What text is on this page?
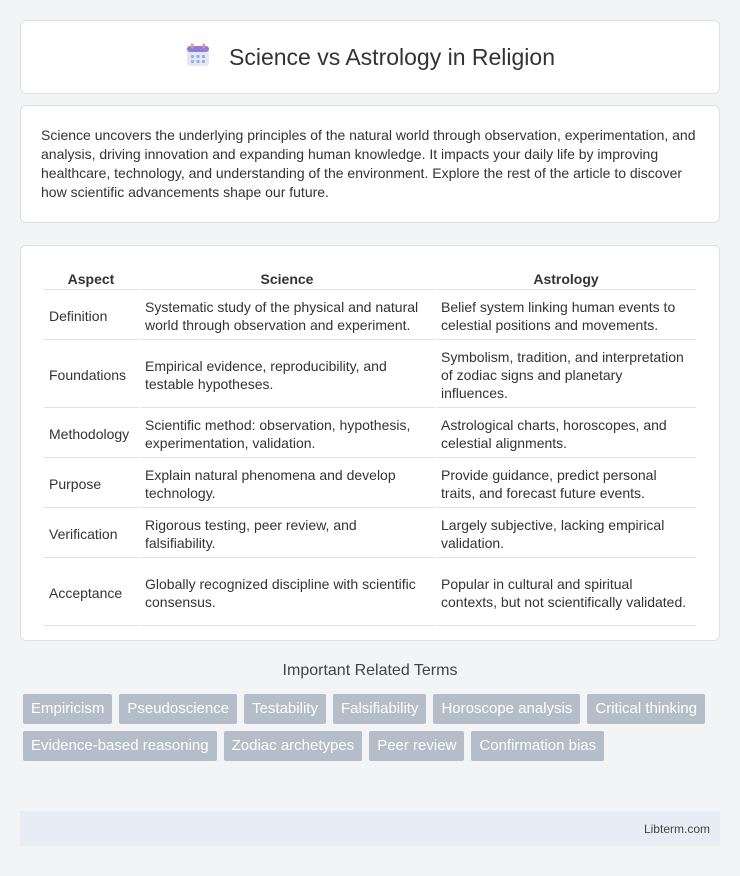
Science vs Astrology in Religion

Science uncovers the underlying principles of the natural world through observation, experimentation, and analysis, driving innovation and expanding human knowledge. It impacts your daily life by improving healthcare, technology, and understanding of the environment. Explore the rest of the article to discover how scientific advancements shape our future.

Aspect	Science	Astrology
Definition	Systematic study of the physical and natural world through observation and experiment.	Belief system linking human events to celestial positions and movements.
Foundations	Empirical evidence, reproducibility, and testable hypotheses.	Symbolism, tradition, and interpretation of zodiac signs and planetary influences.
Methodology	Scientific method: observation, hypothesis, experimentation, validation.	Astrological charts, horoscopes, and celestial alignments.
Purpose	Explain natural phenomena and develop technology.	Provide guidance, predict personal traits, and forecast future events.
Verification	Rigorous testing, peer review, and falsifiability.	Largely subjective, lacking empirical validation.
Acceptance	Globally recognized discipline with scientific consensus.	Popular in cultural and spiritual contexts, but not scientifically validated.
Important Related Terms
Empiricism	Pseudoscience	Testability	Falsifiability	Horoscope analysis	Critical thinking
Evidence-based reasoning	Zodiac archetypes	Peer review	Confirmation bias
Libterm.com
